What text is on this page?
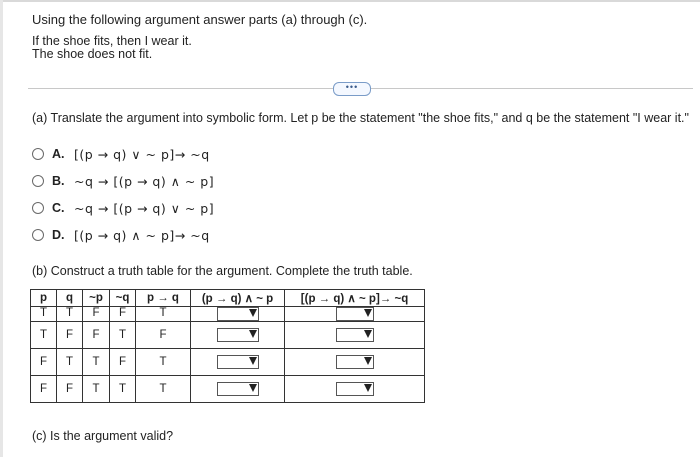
Using the following argument answer parts (a) through (c).
If the shoe fits, then I wear it.
The shoe does not fit.
•••
(a) Translate the argument into symbolic form. Let p be the statement "the shoe fits," and q be the statement "I wear it."
A. [(p → q) ∨ ~ p]→ ~q
B. ~q → [(p → q) ∧ ~ p]
C. ~q → [(p → q) ∨ ~ p]
D. [(p → q) ∧ ~ p]→ ~q
(b) Construct a truth table for the argument. Complete the truth table.
p	q	~p	~q	p → q	(p → q) ∧ ~ p	[(p → q) ∧ ~ p]→ ~q
T	T	F	F	T	

T	F	F	T	F	

F	T	T	F	T	

F	F	T	T	T	

(c) Is the argument valid?
